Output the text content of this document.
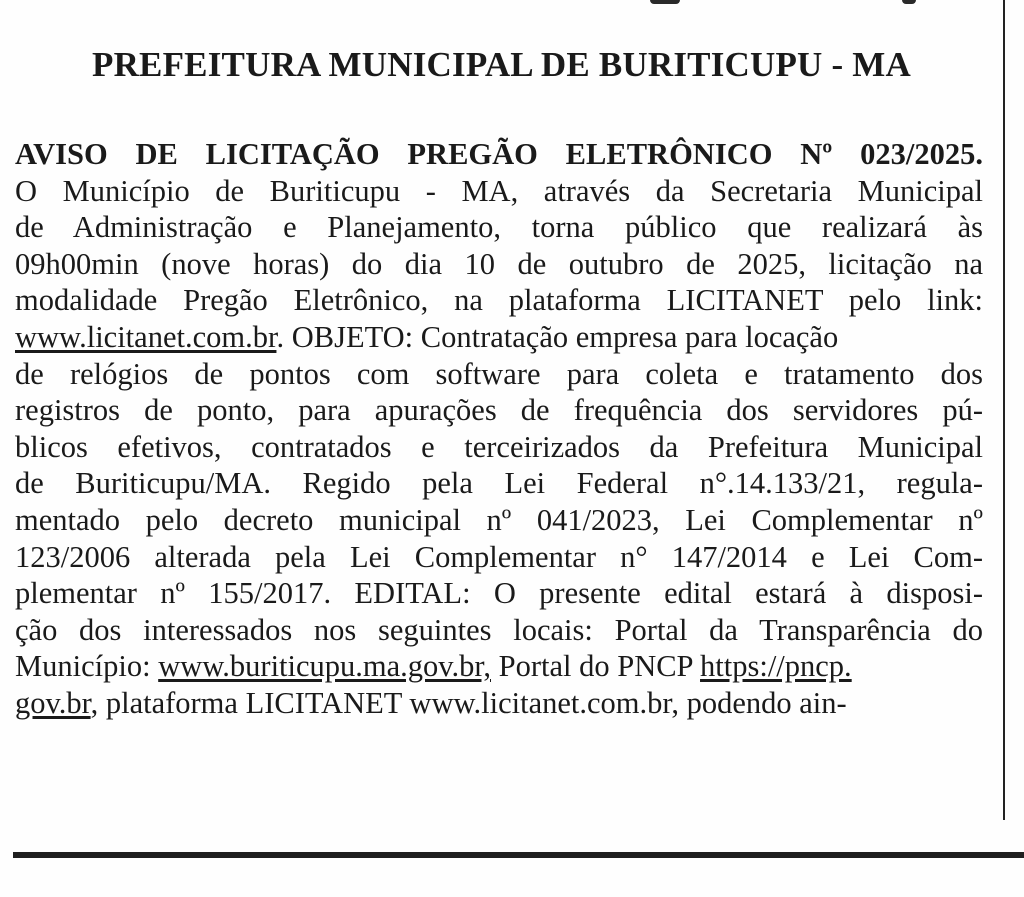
PREFEITURA MUNICIPAL DE BURITICUPU - MA
AVISO DE LICITAÇÃO PREGÃO ELETRÔNICO Nº 023/2025.
O Município de Buriticupu - MA, através da Secretaria Municipal
de Administração e Planejamento, torna público que realizará às
09h00min (nove horas) do dia 10 de outubro de 2025, licitação na
modalidade Pregão Eletrônico, na plataforma LICITANET pelo link:
www.licitanet.com.br. OBJETO: Contratação empresa para locação
de relógios de pontos com software para coleta e tratamento dos
registros de ponto, para apurações de frequência dos servidores pú-
blicos efetivos, contratados e terceirizados da Prefeitura Municipal
de Buriticupu/MA. Regido pela Lei Federal n°.14.133/21, regula-
mentado pelo decreto municipal nº 041/2023, Lei Complementar nº
123/2006 alterada pela Lei Complementar n° 147/2014 e Lei Com-
plementar nº 155/2017. EDITAL: O presente edital estará à disposi-
ção dos interessados nos seguintes locais: Portal da Transparência do
Município: www.buriticupu.ma.gov.br, Portal do PNCP https://pncp.
gov.br, plataforma LICITANET www.licitanet.com.br, podendo ain-
